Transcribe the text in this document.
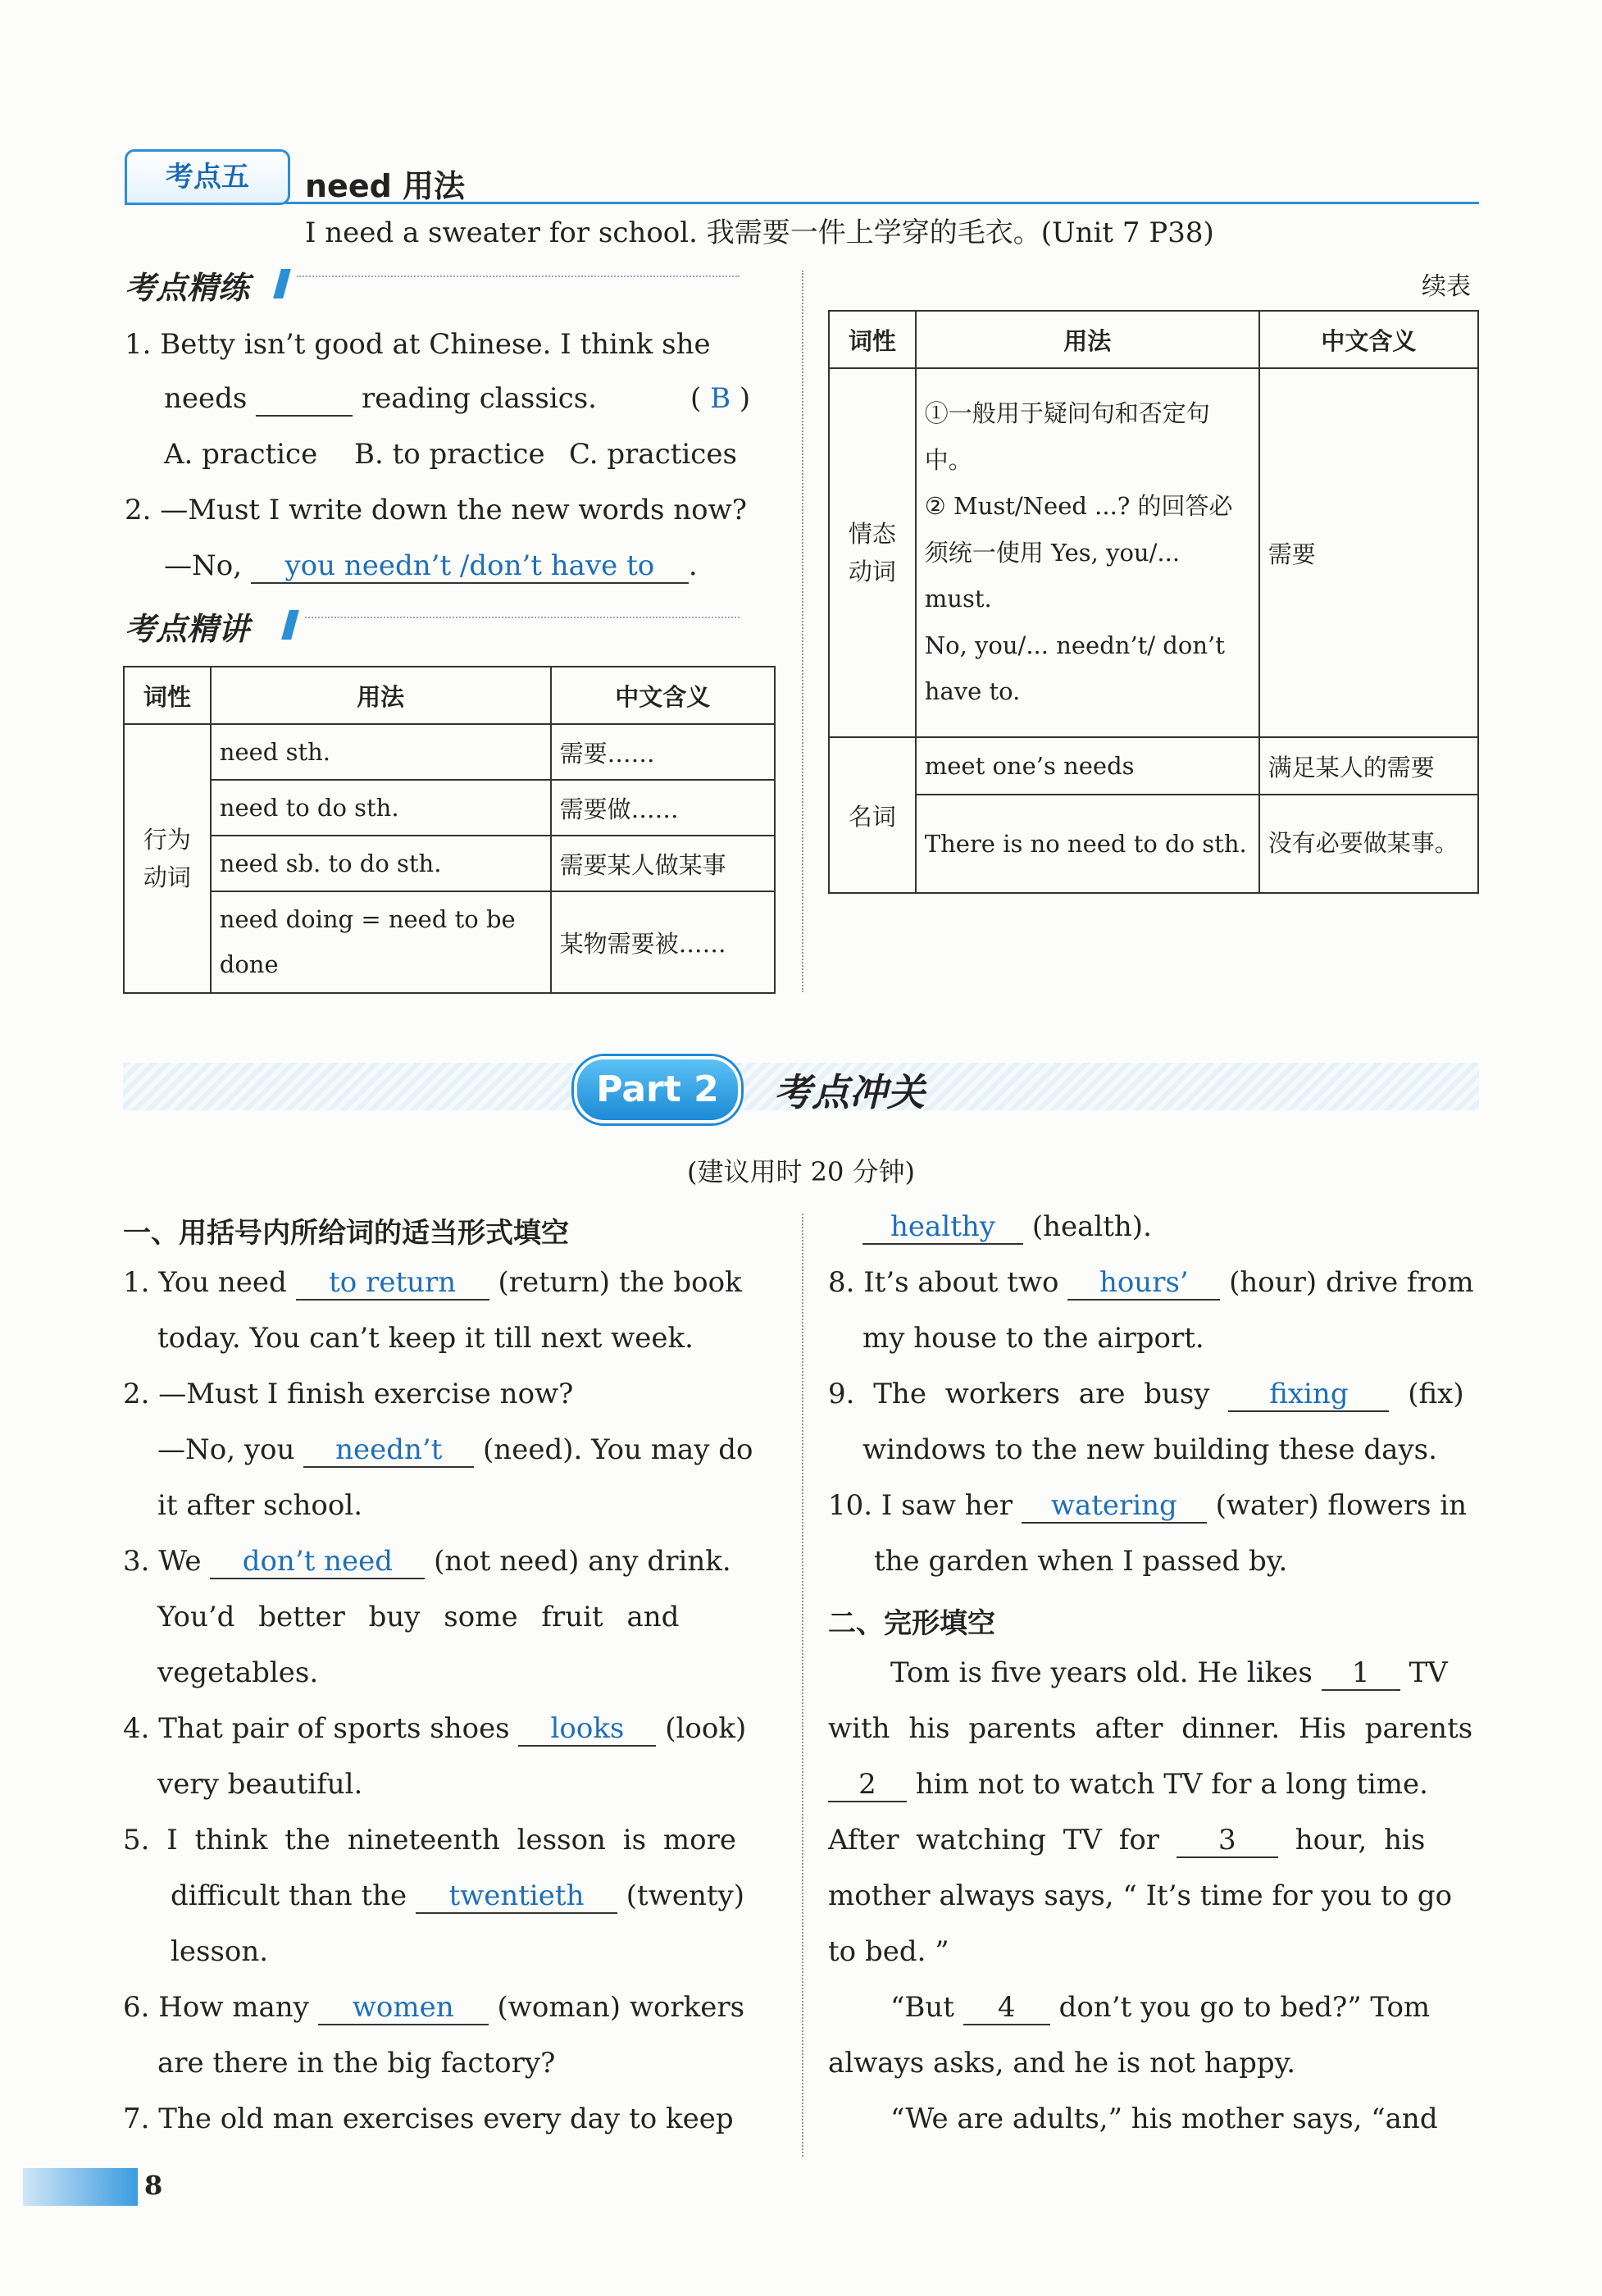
考点五	need 用法
I need a sweater for school. 我需要一件上学穿的毛衣。(Unit 7 P38)
考点精练
1. Betty isn’t good at Chinese. I think she
needs	reading classics.	( B )
A. practice B. to practice C. practices
2. —Must I write down the new words now?
—No, you needn’t /don’t have to .
考点精讲
词性	用法	中文含义
行为动词	need sth.	需要……
	need to do sth.	需要做……
	need sb. to do sth.	需要某人做某事
	need doing = need to be done	某物需要被……
续表
词性	用法	中文含义
情态动词	①一般用于疑问句和否定句中。
② Must/Need ...? 的回答必须统一使用 Yes, you/... must.
No, you/... needn’t/ don’t have to.	需要
名词	meet one’s needs	满足某人的需要
	There is no need to do sth.	没有必要做某事。
Part 2	考点冲关
(建议用时 20 分钟)
一、用括号内所给词的适当形式填空
1. You need to return (return) the book
today. You can’t keep it till next week.
2. —Must I finish exercise now?
—No, you needn’t (need). You may do
it after school.
3. We don’t need (not need) any drink.
You’d better buy some fruit and
vegetables.
4. That pair of sports shoes looks (look)
very beautiful.
5. I think the nineteenth lesson is more
difficult than the twentieth (twenty)
lesson.
6. How many women (woman) workers
are there in the big factory?
7. The old man exercises every day to keep
healthy (health).
8. It’s about two hours’ (hour) drive from
my house to the airport.
9. The workers are busy fixing (fix)
windows to the new building these days.
10. I saw her watering (water) flowers in
the garden when I passed by.
二、完形填空
Tom is five years old. He likes 1 TV
with his parents after dinner. His parents
2 him not to watch TV for a long time.
After watching TV for 3 hour, his
mother always says, “ It’s time for you to go
to bed. ”
“But 4 don’t you go to bed?” Tom
always asks, and he is not happy.
“We are adults,” his mother says, “and
8
